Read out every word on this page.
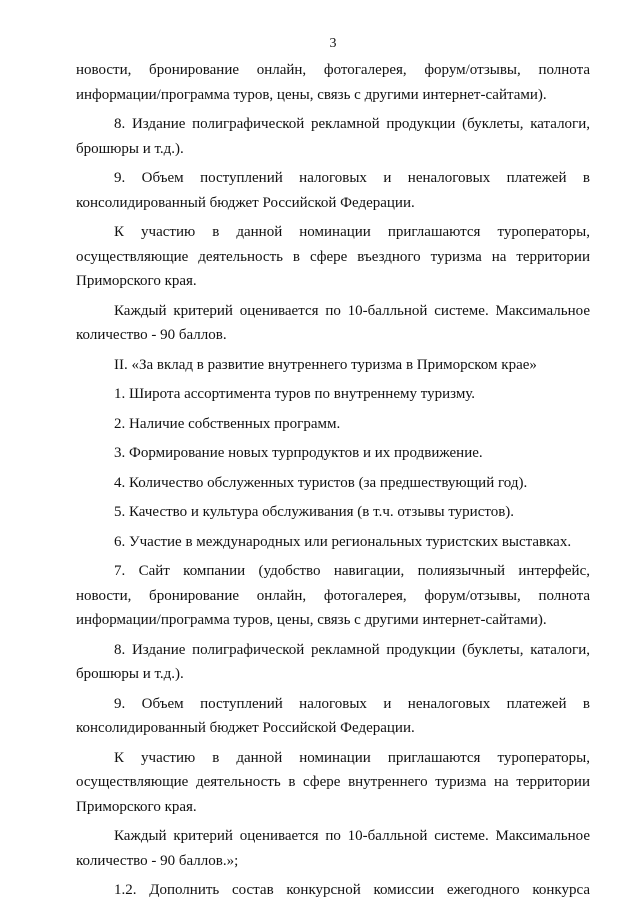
3

новости, бронирование онлайн, фотогалерея, форум/отзывы, полнота

информации/программа туров, цены, связь с другими интернет-сайтами).

8. Издание полиграфической рекламной продукции (буклеты, каталоги, брошюры и т.д.).

9. Объем поступлений налоговых и неналоговых платежей в консолидированный бюджет Российской Федерации.

К участию в данной номинации приглашаются туроператоры, осуществляющие деятельность в сфере въездного туризма на территории Приморского края.

Каждый критерий оценивается по 10-балльной системе. Максимальное количество - 90 баллов.

II. «За вклад в развитие внутреннего туризма в Приморском крае»

1. Широта ассортимента туров по внутреннему туризму.

2. Наличие собственных программ.

3. Формирование новых турпродуктов и их продвижение.

4. Количество обслуженных туристов (за предшествующий год).

5. Качество и культура обслуживания (в т.ч. отзывы туристов).

6. Участие в международных или региональных туристских выставках.

7. Сайт компании (удобство навигации, полиязычный интерфейс, новости, бронирование онлайн, фотогалерея, форум/отзывы, полнота информации/программа туров, цены, связь с другими интернет-сайтами).

8. Издание полиграфической рекламной продукции (буклеты, каталоги, брошюры и т.д.).

9. Объем поступлений налоговых и неналоговых платежей в консолидированный бюджет Российской Федерации.

К участию в данной номинации приглашаются туроператоры, осуществляющие деятельность в сфере внутреннего туризма на территории Приморского края.

Каждый критерий оценивается по 10-балльной системе. Максимальное количество - 90 баллов.»;

1.2. Дополнить состав конкурсной комиссии ежегодного конкурса
